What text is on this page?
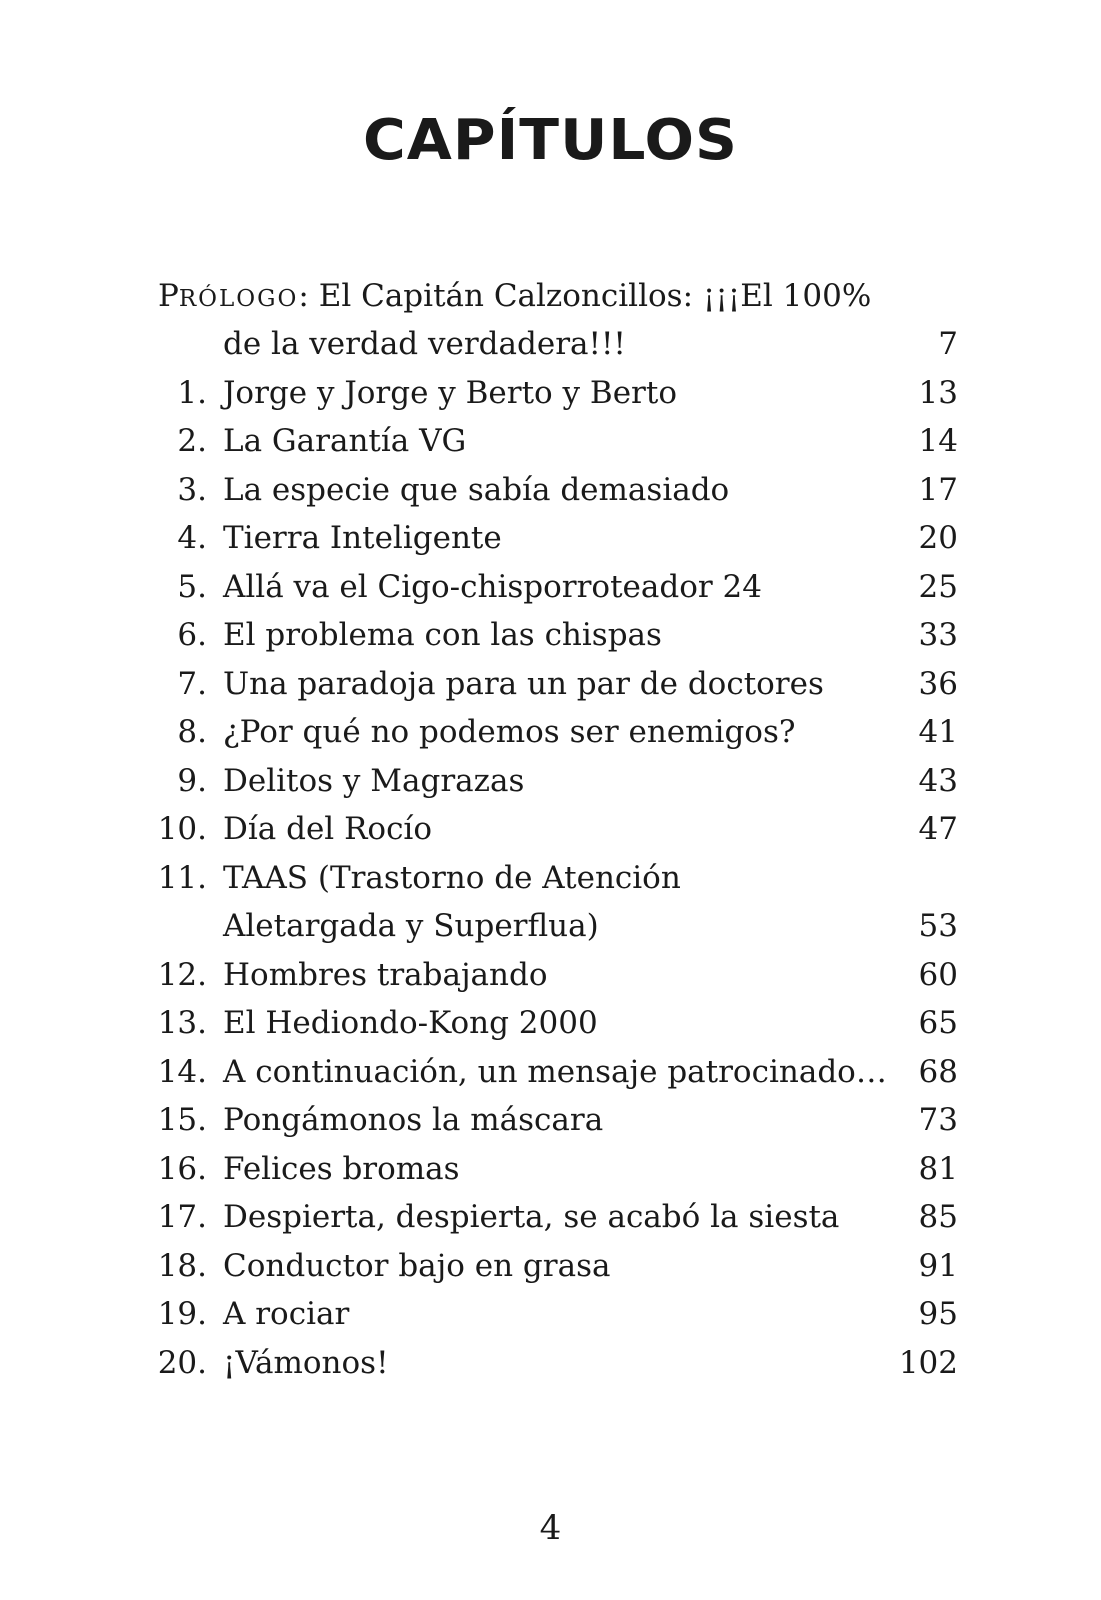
CAPÍTULOS
PRÓLOGO: El Capitán Calzoncillos: ¡¡¡El 100%
de la verdad verdadera!!!	7
1. Jorge y Jorge y Berto y Berto	13
2. La Garantía VG	14
3. La especie que sabía demasiado	17
4. Tierra Inteligente	20
5. Allá va el Cigo-chisporroteador 24	25
6. El problema con las chispas	33
7. Una paradoja para un par de doctores	36
8. ¿Por qué no podemos ser enemigos?	41
9. Delitos y Magrazas	43
10. Día del Rocío	47
11. TAAS (Trastorno de Atención
Aletargada y Superflua)	53
12. Hombres trabajando	60
13. El Hediondo-Kong 2000	65
14. A continuación, un mensaje patrocinado… 68
15. Pongámonos la máscara	73
16. Felices bromas	81
17. Despierta, despierta, se acabó la siesta	85
18. Conductor bajo en grasa	91
19. A rociar	95
20. ¡Vámonos!	102
4
